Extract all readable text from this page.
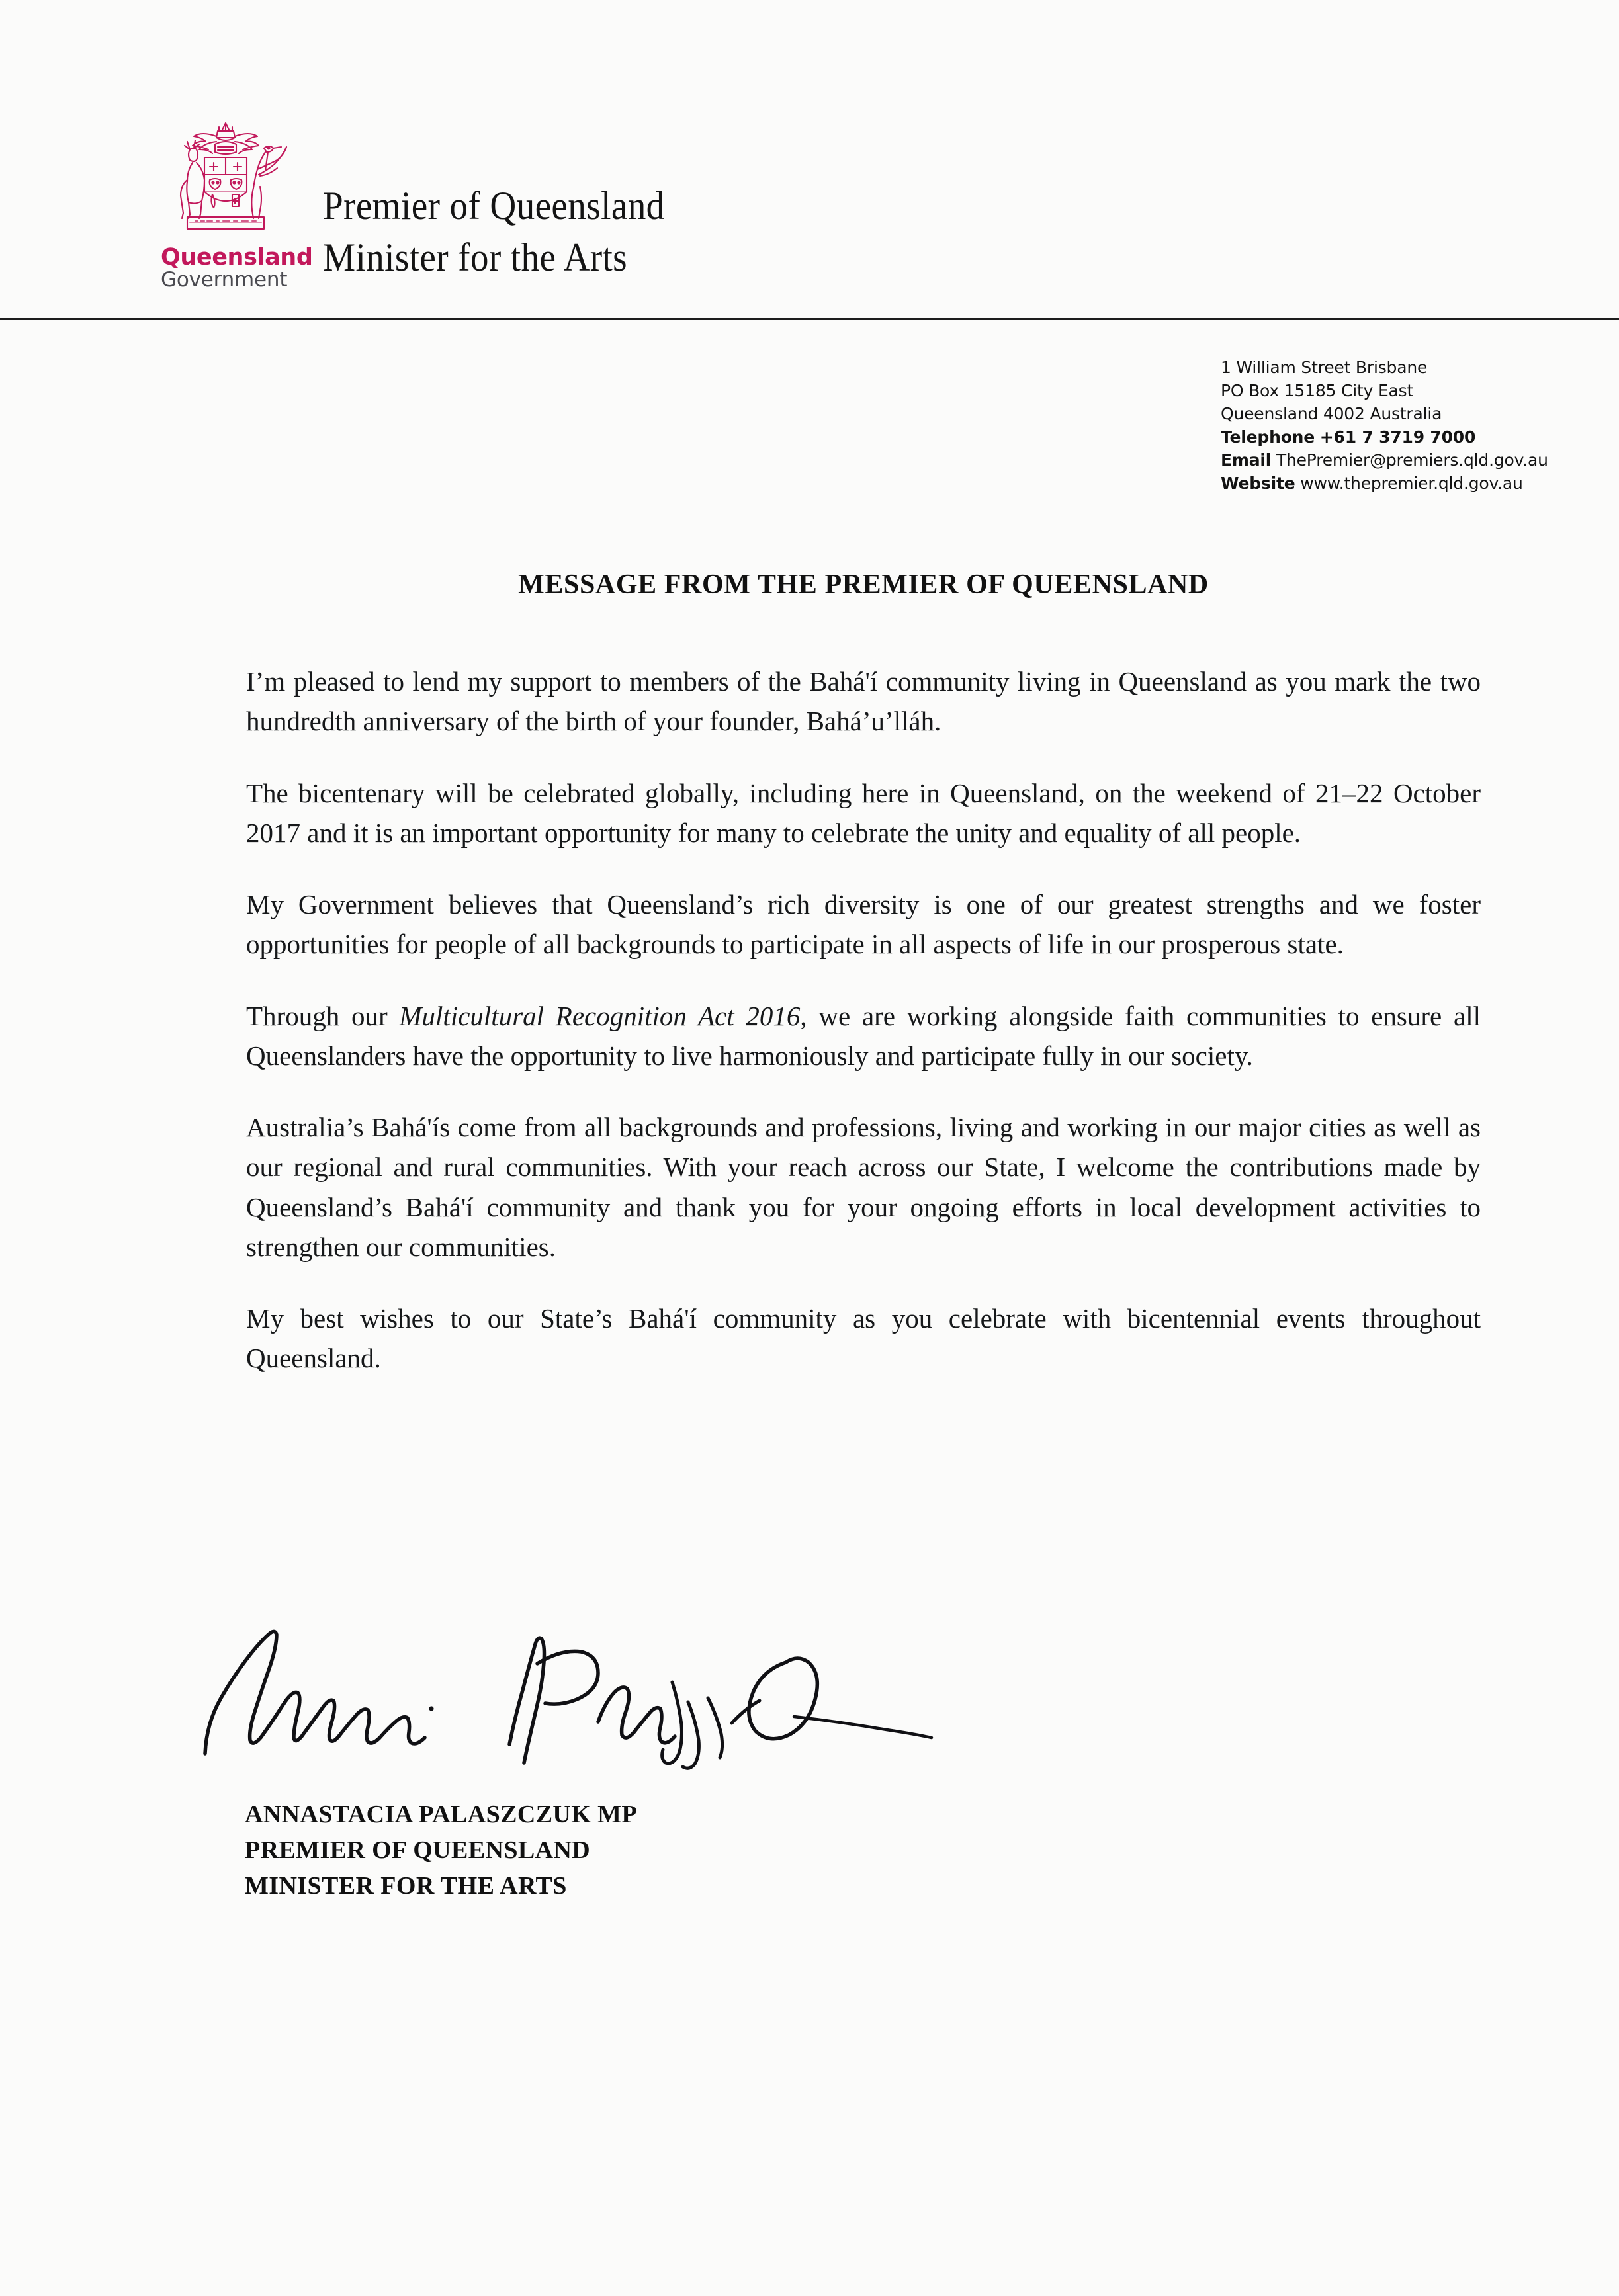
Queensland
Government
Premier of Queensland
Minister for the Arts
1 William Street Brisbane
PO Box 15185 City East
Queensland 4002 Australia
Telephone +61 7 3719 7000
Email ThePremier@premiers.qld.gov.au
Website www.thepremier.qld.gov.au
MESSAGE FROM THE PREMIER OF QUEENSLAND

I’m pleased to lend my support to members of the Bahá'í community living in Queensland as you mark the two hundredth anniversary of the birth of your founder, Bahá’u’lláh.

The bicentenary will be celebrated globally, including here in Queensland, on the weekend of 21–22 October 2017 and it is an important opportunity for many to celebrate the unity and equality of all people.

My Government believes that Queensland’s rich diversity is one of our greatest strengths and we foster opportunities for people of all backgrounds to participate in all aspects of life in our prosperous state.

Through our Multicultural Recognition Act 2016, we are working alongside faith communities to ensure all Queenslanders have the opportunity to live harmoniously and participate fully in our society.

Australia’s Bahá'ís come from all backgrounds and professions, living and working in our major cities as well as our regional and rural communities. With your reach across our State, I welcome the contributions made by Queensland’s Bahá'í community and thank you for your ongoing efforts in local development activities to strengthen our communities.

My best wishes to our State’s Bahá'í community as you celebrate with bicentennial events throughout Queensland.

ANNASTACIA PALASZCZUK MP
PREMIER OF QUEENSLAND
MINISTER FOR THE ARTS
